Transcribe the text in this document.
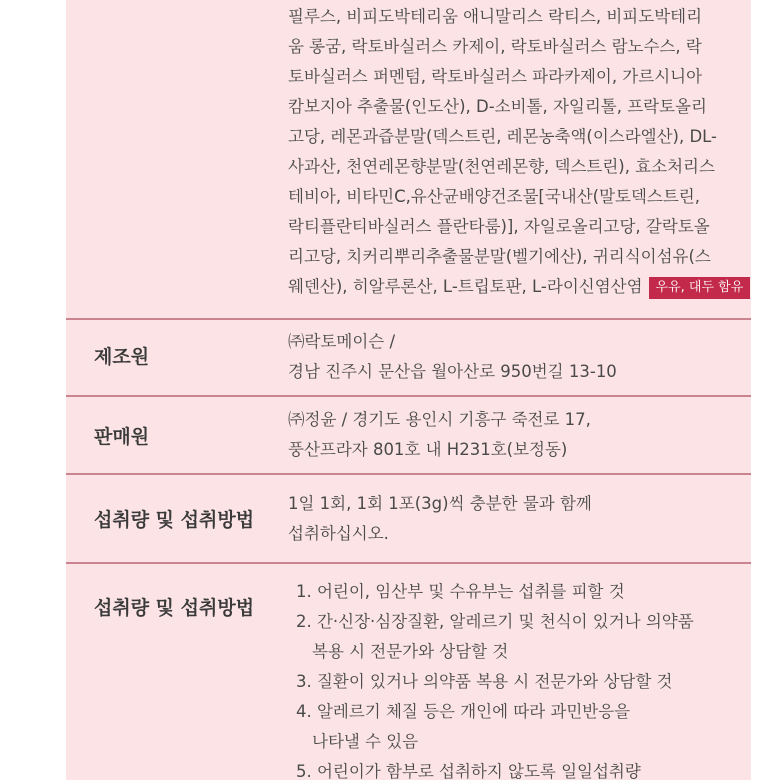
필루스, 비피도박테리움 애니말리스 락티스, 비피도박테리
움 롱굼, 락토바실러스 카제이, 락토바실러스 람노수스, 락
토바실러스 퍼멘텀, 락토바실러스 파라카제이, 가르시니아
캄보지아 추출물(인도산), D-소비톨, 자일리톨, 프락토올리
고당, 레몬과즙분말(덱스트린, 레몬농축액(이스라엘산), DL-
사과산, 천연레몬향분말(천연레몬향, 덱스트린), 효소처리스
테비아, 비타민C,유산균배양건조물[국내산(말토덱스트린,
락티플란티바실러스 플란타룸)], 자일로올리고당, 갈락토올
리고당, 치커리뿌리추출물분말(벨기에산), 귀리식이섬유(스
웨덴산), 히알루론산, L-트립토판, L-라이신염산염 우유, 대두 함유
제조원
㈜락토메이슨 /
경남 진주시 문산읍 월아산로 950번길 13-10
판매원
㈜정윤 / 경기도 용인시 기흥구 죽전로 17,
풍산프라자 801호 내 H231호(보정동)
섭취량 및 섭취방법
1일 1회, 1회 1포(3g)씩 충분한 물과 함께
섭취하십시오.
섭취량 및 섭취방법
1. 어린이, 임산부 및 수유부는 섭취를 피할 것
2. 간·신장·심장질환, 알레르기 및 천식이 있거나 의약품
복용 시 전문가와 상담할 것
3. 질환이 있거나 의약품 복용 시 전문가와 상담할 것
4. 알레르기 체질 등은 개인에 따라 과민반응을
나타낼 수 있음
5. 어린이가 함부로 섭취하지 않도록 일일섭취량
